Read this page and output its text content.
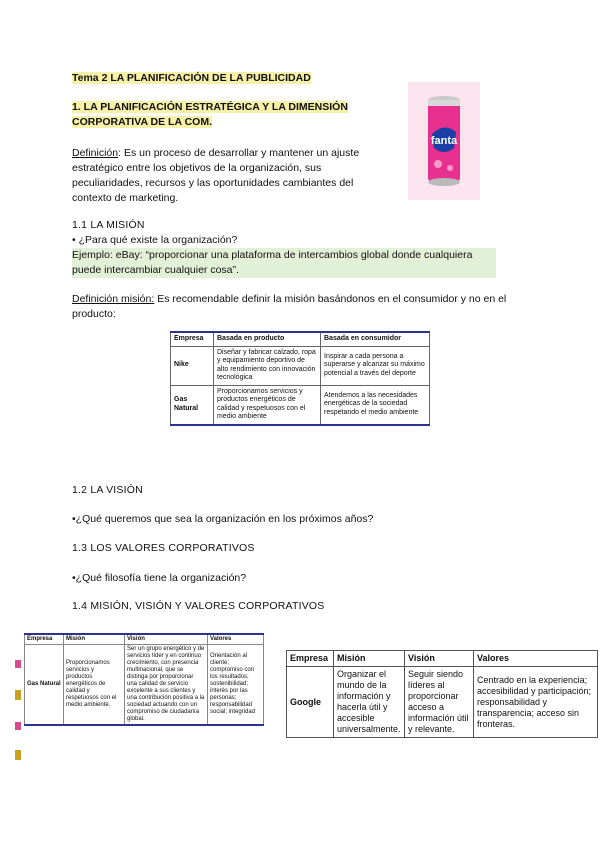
Tema 2 LA PLANIFICACIÓN DE LA PUBLICIDAD
1. LA PLANIFICACIÓN ESTRATÉGICA Y LA DIMENSIÓN CORPORATIVA DE LA COM.
Definición: Es un proceso de desarrollar y mantener un ajuste estratégico entre los objetivos de la organización, sus peculiaridades, recursos y las oportunidades cambiantes del contexto de marketing.
fanta
1.1 LA MISIÓN
• ¿Para qué existe la organización?
Ejemplo: eBay: “proporcionar una plataforma de intercambios global donde cualquiera puede intercambiar cualquier cosa”.
Definición misión: Es recomendable definir la misión basándonos en el consumidor y no en el producto:
Empresa	Basada en producto	Basada en consumidor
Nike	Diseñar y fabricar calzado, ropa y equipamiento deportivo de alto rendimiento con innovación tecnológica	Inspirar a cada persona a superarse y alcanzar su máximo potencial a través del deporte
Gas Natural	Proporcionamos servicios y productos energéticos de calidad y respetuosos con el medio ambiente	Atendemos a las necesidades energéticas de la sociedad respetando el medio ambiente
1.2 LA VISIÓN
•¿Qué queremos que sea la organización en los próximos años?
1.3 LOS VALORES CORPORATIVOS
•¿Qué filosofía tiene la organización?
1.4 MISIÓN, VISIÓN Y VALORES CORPORATIVOS
Empresa	Misión	Visión	Valores
Gas Natural	Proporcionamos servicios y productos energéticos de calidad y respetuosos con el medio ambiente.	Ser un grupo energético y de servicios líder y en continuo crecimiento, con presencia multinacional, que se distinga por proporcionar una calidad de servicio excelente a sus clientes y una contribución positiva a la sociedad actuando con un compromiso de ciudadanía global.	Orientación al cliente; compromiso con los resultados; sostenibilidad; interés por las personas; responsabilidad social; integridad
Empresa	Misión	Visión	Valores
Google	Organizar el mundo de la información y hacerla útil y accesible universalmente.	Seguir siendo líderes al proporcionar acceso a información útil y relevante.	Centrado en la experiencia; accesibilidad y participación; responsabilidad y transparencia; acceso sin fronteras.
